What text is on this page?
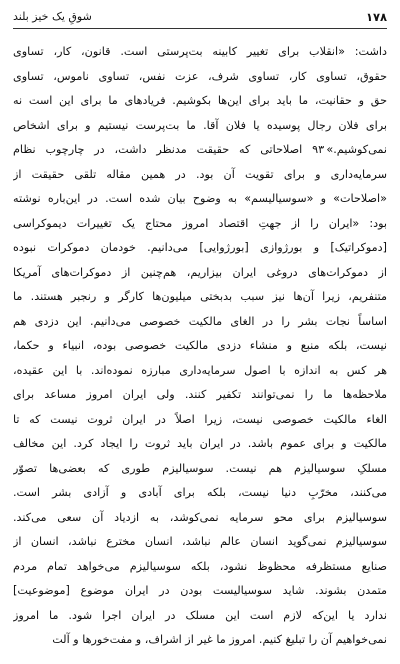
۱۷۸
شوقِ یک خیز بلند
داشت: «انقلاب برای تغییر کابینه بت‌پرستی است. قانون، کار، تساوی
حقوق، تساوی کار، تساوی شرف، عزت نفس، تساوی ناموس، تساوی
حق و حقانیت، ما باید برای این‌ها بکوشیم. فریادهای ما برای این است نه
برای فلان رجال پوسیده یا فلان آقا. ما بت‌پرست نیستیم و برای اشخاص
نمی‌کوشیم.» ٩٣ اصلاحاتی که حقیقت مدنظر داشت، در چارچوب نظام
سرمایه‌داری و برای تقویت آن بود. در همین مقاله تلقی حقیقت از
«اصلاحات» و «سوسیالیسم» به وضوح بیان شده است. در این‌باره نوشته
بود: «ایران را از جهتِ اقتصاد امروز محتاج یک تغییرات دیموکراسی
[دموکراتیک] و بورژوازی [بورژوایی] می‌دانیم. خودمان دموکرات نبوده
از دموکرات‌های دروغی ایران بیزاریم، هم‌چنین از دموکرات‌های آمریکا
متنفریم، زیرا آن‌ها نیز سبب بدبختی میلیون‌ها کارگر و رنجبر هستند. ما
اساساً نجات بشر را در الغای مالکیت خصوصی می‌دانیم. این دزدی هم
نیست، بلکه منبع و منشاء دزدی مالکیت خصوصی بوده، انبیاء و حکما،
هر کس به اندازه با اصول سرمایه‌داری مبارزه نموده‌اند. با این عقیده،
ملاحظه‌ها ما را نمی‌توانند تکفیر کنند. ولی ایران امروز مساعد برای
الغاء مالکیت خصوصی نیست، زیرا اصلاً در ایران ثروت نیست که تا
مالکیت و برای عموم باشد. در ایران باید ثروت را ایجاد کرد. این مخالف
مسلکِ سوسیالیزم هم نیست. سوسیالیزم طوری که بعضی‌ها تصوّر
می‌کنند، مخرّبِ دنیا نیست، بلکه برای آبادی و آزادی بشر است.
سوسیالیزم برای محو سرمایه نمی‌کوشد، به ازدیاد آن سعی می‌کند.
سوسیالیزم نمی‌گوید انسان عالم نباشد، انسان مخترع نباشد، انسان از
صنایع مستظرفه محظوظ نشود، بلکه سوسیالیزم می‌خواهد تمام مردم
متمدن بشوند. شاید سوسیالیست بودن در ایران موضوع [موضوعیت]
ندارد یا این‌که لازم است این مسلک در ایران اجرا شود. ما امروز
نمی‌خواهیم آن را تبلیغ کنیم. امروز ما غیر از اشراف، و مفت‌خورها و آلت
